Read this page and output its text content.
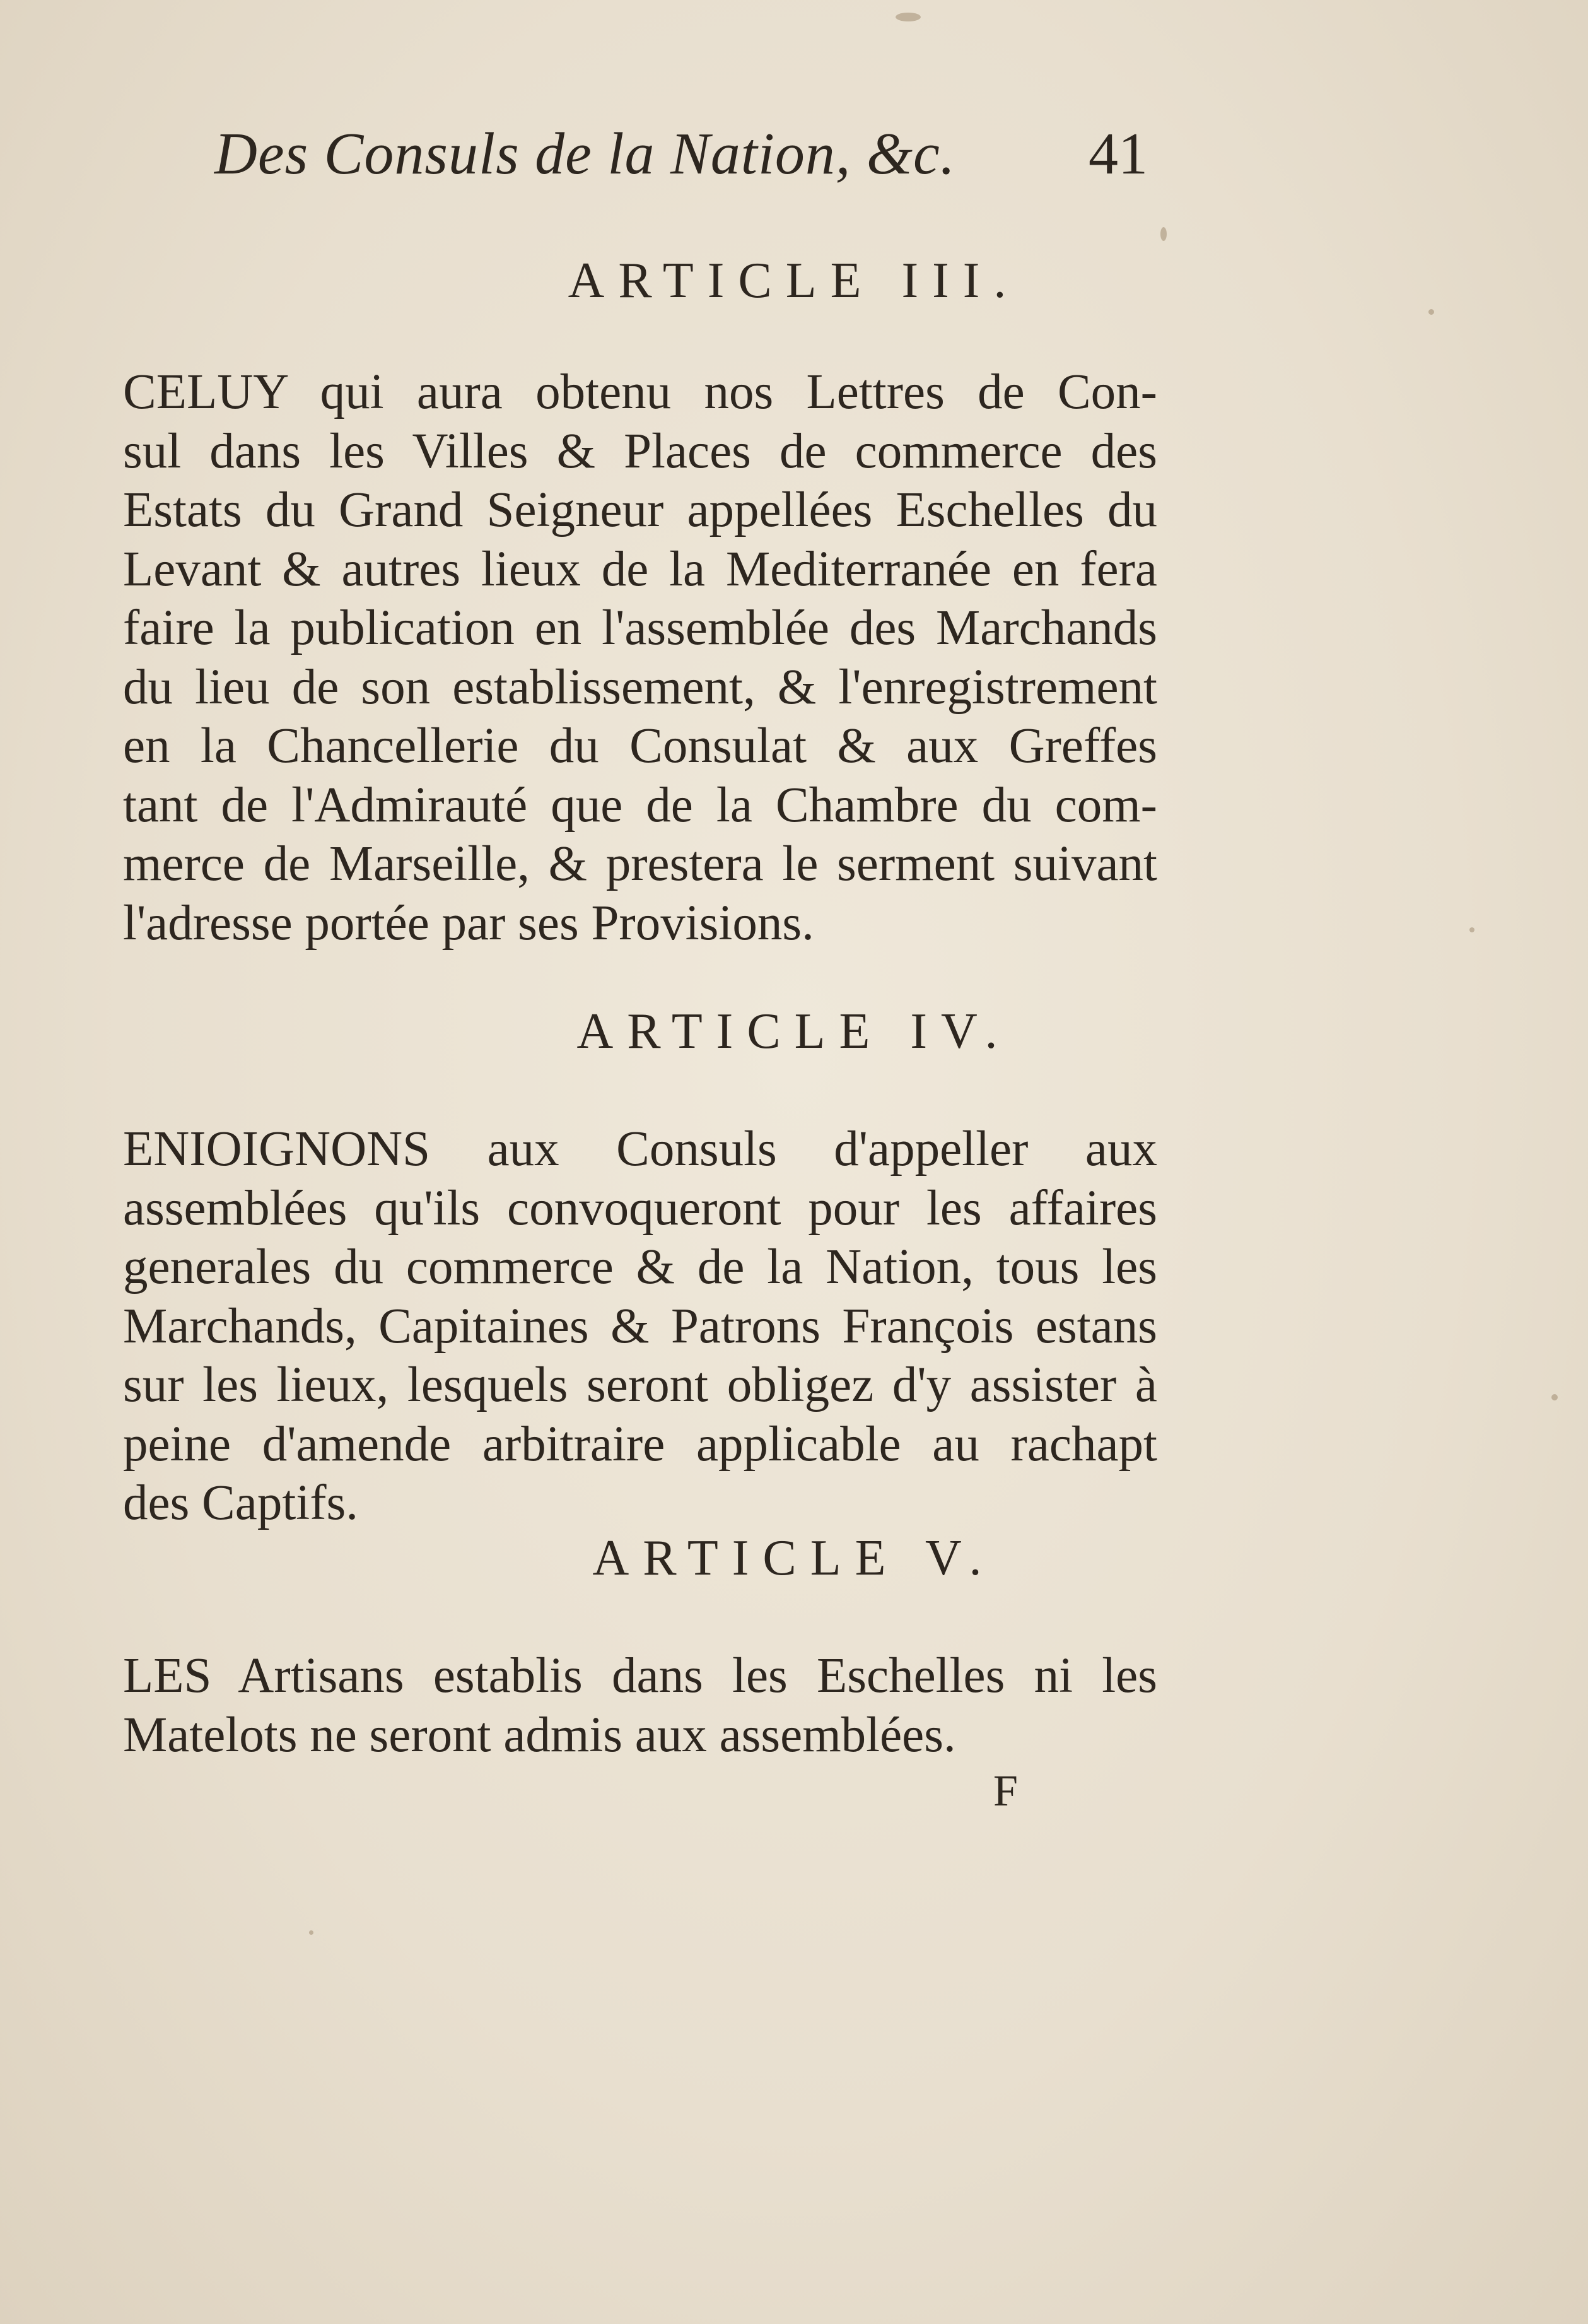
Des Consuls de la Nation, &c. 41
ARTICLE III.
CELUY qui aura obtenu nos Lettres de Con-
sul dans les Villes & Places de commerce des
Estats du Grand Seigneur appellées Eschelles du
Levant & autres lieux de la Mediterranée en fera
faire la publication en l'assemblée des Marchands
du lieu de son establissement, & l'enregistrement
en la Chancellerie du Consulat & aux Greffes
tant de l'Admirauté que de la Chambre du com-
merce de Marseille, & prestera le serment suivant
l'adresse portée par ses Provisions.
ARTICLE IV.
ENIOIGNONS aux Consuls d'appeller aux
assemblées qu'ils convoqueront pour les affaires
generales du commerce & de la Nation, tous les
Marchands, Capitaines & Patrons François estans
sur les lieux, lesquels seront obligez d'y assister à
peine d'amende arbitraire applicable au rachapt
des Captifs.
ARTICLE V.
LES Artisans establis dans les Eschelles ni les
Matelots ne seront admis aux assemblées.
F
